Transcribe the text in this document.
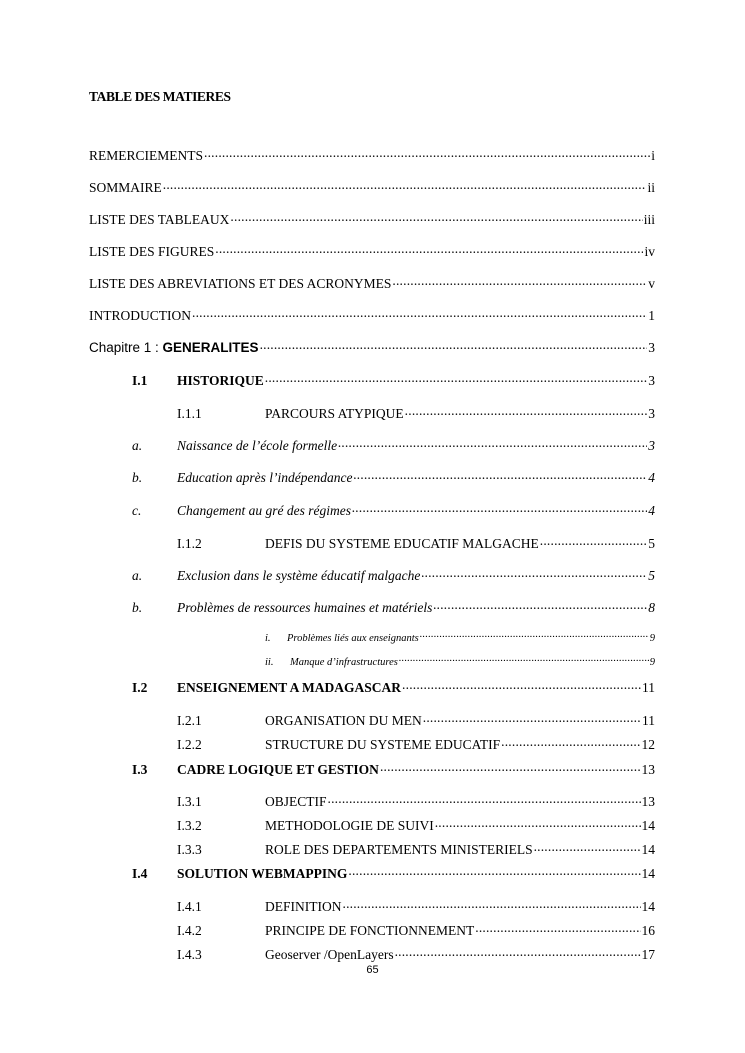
TABLE DES MATIERES
REMERCIEMENTS .....	i
SOMMAIRE .....	ii
LISTE DES TABLEAUX .....	iii
LISTE DES FIGURES .....	iv
LISTE DES ABREVIATIONS ET DES ACRONYMES .....	v
INTRODUCTION .....	1
Chapitre 1 : GENERALITES .....	3
I.1	HISTORIQUE .....	3
I.1.1	PARCOURS ATYPIQUE .....	3
a.	Naissance de l’école formelle .....	3
b.	Education après l’indépendance .....	4
c.	Changement au gré des régimes .....	4
I.1.2	DEFIS DU SYSTEME EDUCATIF MALGACHE .....	5
a.	Exclusion dans le système éducatif malgache .....	5
b.	Problèmes de ressources humaines et matériels .....	8
i.	Problèmes liés aux enseignants .....	9
ii.	Manque d’infrastructures .....	9
I.2	ENSEIGNEMENT A MADAGASCAR .....	11
I.2.1	ORGANISATION DU MEN .....	11
I.2.2	STRUCTURE DU SYSTEME EDUCATIF .....	12
I.3	CADRE LOGIQUE ET GESTION .....	13
I.3.1	OBJECTIF .....	13
I.3.2	METHODOLOGIE DE SUIVI .....	14
I.3.3	ROLE DES DEPARTEMENTS MINISTERIELS .....	14
I.4	SOLUTION WEBMAPPING .....	14
I.4.1	DEFINITION .....	14
I.4.2	PRINCIPE DE FONCTIONNEMENT .....	16
I.4.3	Geoserver /OpenLayers .....	17
65
